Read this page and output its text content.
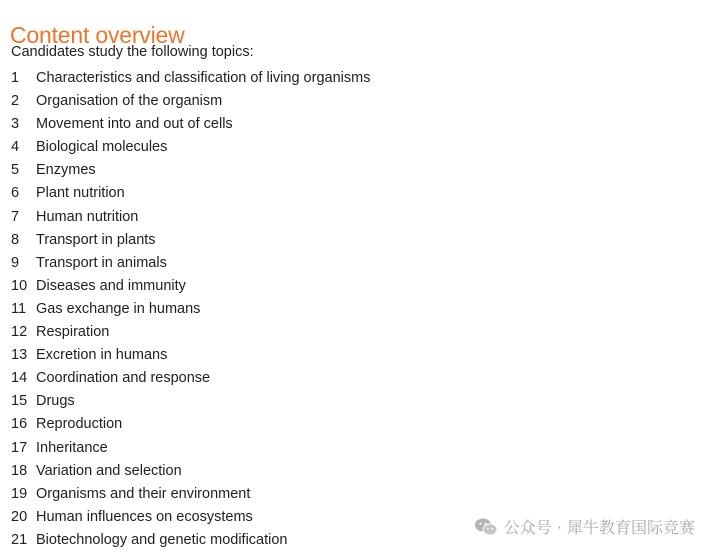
Content overview
Candidates study the following topics:
1 Characteristics and classification of living organisms
2 Organisation of the organism
3 Movement into and out of cells
4 Biological molecules
5 Enzymes
6 Plant nutrition
7 Human nutrition
8 Transport in plants
9 Transport in animals
10 Diseases and immunity
11 Gas exchange in humans
12 Respiration
13 Excretion in humans
14 Coordination and response
15 Drugs
16 Reproduction
17 Inheritance
18 Variation and selection
19 Organisms and their environment
20 Human influences on ecosystems
21 Biotechnology and genetic modification
公众号 · 犀牛教育国际竞赛
